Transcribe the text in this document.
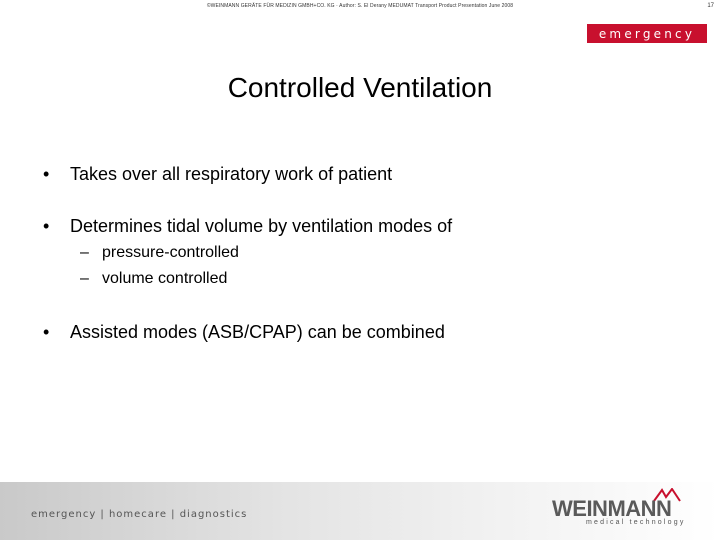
©WEINMANN GERÄTE FÜR MEDIZIN GMBH+CO. KG · Author: S. El Derany MEDUMAT Transport Product Presentation June 2008	17
emergency
Controlled Ventilation
• Takes over all respiratory work of patient
• Determines tidal volume by ventilation modes of
– pressure-controlled
– volume controlled
• Assisted modes (ASB/CPAP) can be combined
emergency | homecare | diagnostics	WEINMANN
medical technology
